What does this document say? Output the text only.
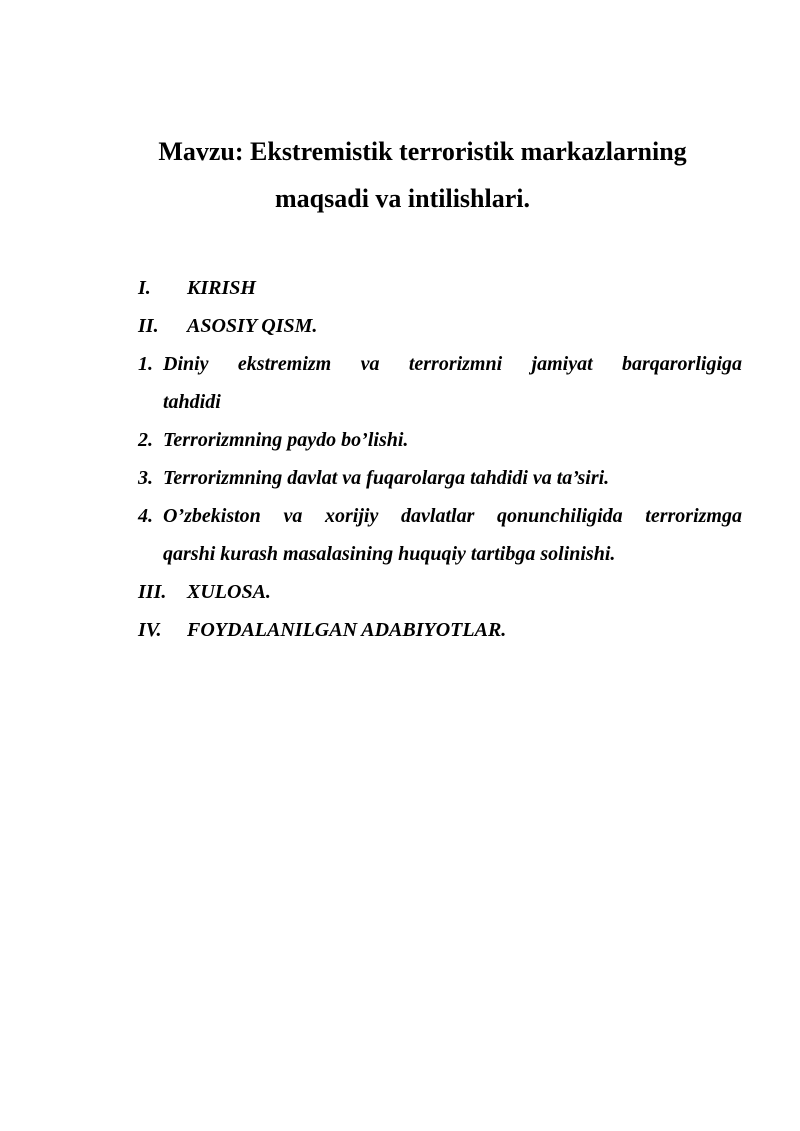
Mavzu: Ekstremistik terroristik markazlarning
maqsadi va intilishlari.
I. KIRISH
II. ASOSIY QISM.
1. Diniy ekstremizm va terrorizmni jamiyat barqarorligiga
tahdidi
2. Terrorizmning paydo bo’lishi.
3. Terrorizmning davlat va fuqarolarga tahdidi va ta’siri.
4. O’zbekiston va xorijiy davlatlar qonunchiligida terrorizmga
qarshi kurash masalasining huquqiy tartibga solinishi.
III. XULOSA.
IV. FOYDALANILGAN ADABIYOTLAR.
